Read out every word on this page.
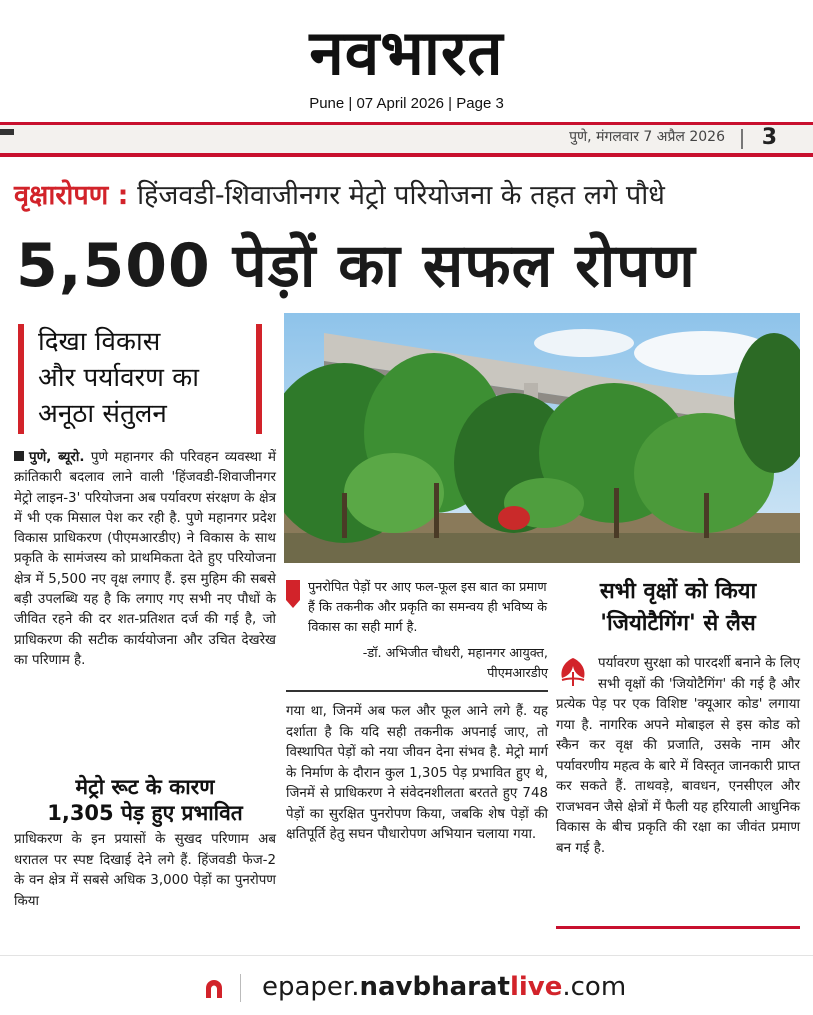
नवभारत
Pune | 07 April 2026 | Page 3
पुणे, मंगलवार 7 अप्रैल 2026 3
वृक्षारोपण : हिंजवडी-शिवाजीनगर मेट्रो परियोजना के तहत लगे पौधे
5,500 पेड़ों का सफल रोपण
दिखा विकास
और पर्यावरण का
अनूठा संतुलन
पुणे, ब्यूरो. पुणे महानगर की परिवहन व्यवस्था में क्रांतिकारी बदलाव लाने वाली 'हिंजवडी-शिवाजीनगर मेट्रो लाइन-3' परियोजना अब पर्यावरण संरक्षण के क्षेत्र में भी एक मिसाल पेश कर रही है. पुणे महानगर प्रदेश विकास प्राधिकरण (पीएमआरडीए) ने विकास के साथ प्रकृति के सामंजस्य को प्राथमिकता देते हुए परियोजना क्षेत्र में 5,500 नए वृक्ष लगाए हैं. इस मुहिम की सबसे बड़ी उपलब्धि यह है कि लगाए गए सभी नए पौधों के जीवित रहने की दर शत-प्रतिशत दर्ज की गई है, जो प्राधिकरण की सटीक कार्ययोजना और उचित देखरेख का परिणाम है.
मेट्रो रूट के कारण
1,305 पेड़ हुए प्रभावित
प्राधिकरण के इन प्रयासों के सुखद परिणाम अब धरातल पर स्पष्ट दिखाई देने लगे हैं. हिंजवडी फेज-2 के वन क्षेत्र में सबसे अधिक 3,000 पेड़ों का पुनरोपण किया
पुनरोपित पेड़ों पर आए फल-फूल इस बात का प्रमाण हैं कि तकनीक और प्रकृति का समन्वय ही भविष्य के विकास का सही मार्ग है.
-डॉ. अभिजीत चौधरी, महानगर आयुक्त,
पीएमआरडीए
गया था, जिनमें अब फल और फूल आने लगे हैं. यह दर्शाता है कि यदि सही तकनीक अपनाई जाए, तो विस्थापित पेड़ों को नया जीवन देना संभव है. मेट्रो मार्ग के निर्माण के दौरान कुल 1,305 पेड़ प्रभावित हुए थे, जिनमें से प्राधिकरण ने संवेदनशीलता बरतते हुए 748 पेड़ों का सुरक्षित पुनरोपण किया, जबकि शेष पेड़ों की क्षतिपूर्ति हेतु सघन पौधारोपण अभियान चलाया गया.
सभी वृक्षों को किया
'जियोटैगिंग' से लैस
पर्यावरण सुरक्षा को पारदर्शी बनाने के लिए सभी वृक्षों की 'जियोटैगिंग' की गई है और प्रत्येक पेड़ पर एक विशिष्ट 'क्यूआर कोड' लगाया गया है. नागरिक अपने मोबाइल से इस कोड को स्कैन कर वृक्ष की प्रजाति, उसके नाम और पर्यावरणीय महत्व के बारे में विस्तृत जानकारी प्राप्त कर सकते हैं. ताथवड़े, बावधन, एनसीएल और राजभवन जैसे क्षेत्रों में फैली यह हरियाली आधुनिक विकास के बीच प्रकृति की रक्षा का जीवंत प्रमाण बन गई है.
epaper.navbharatlive.com
